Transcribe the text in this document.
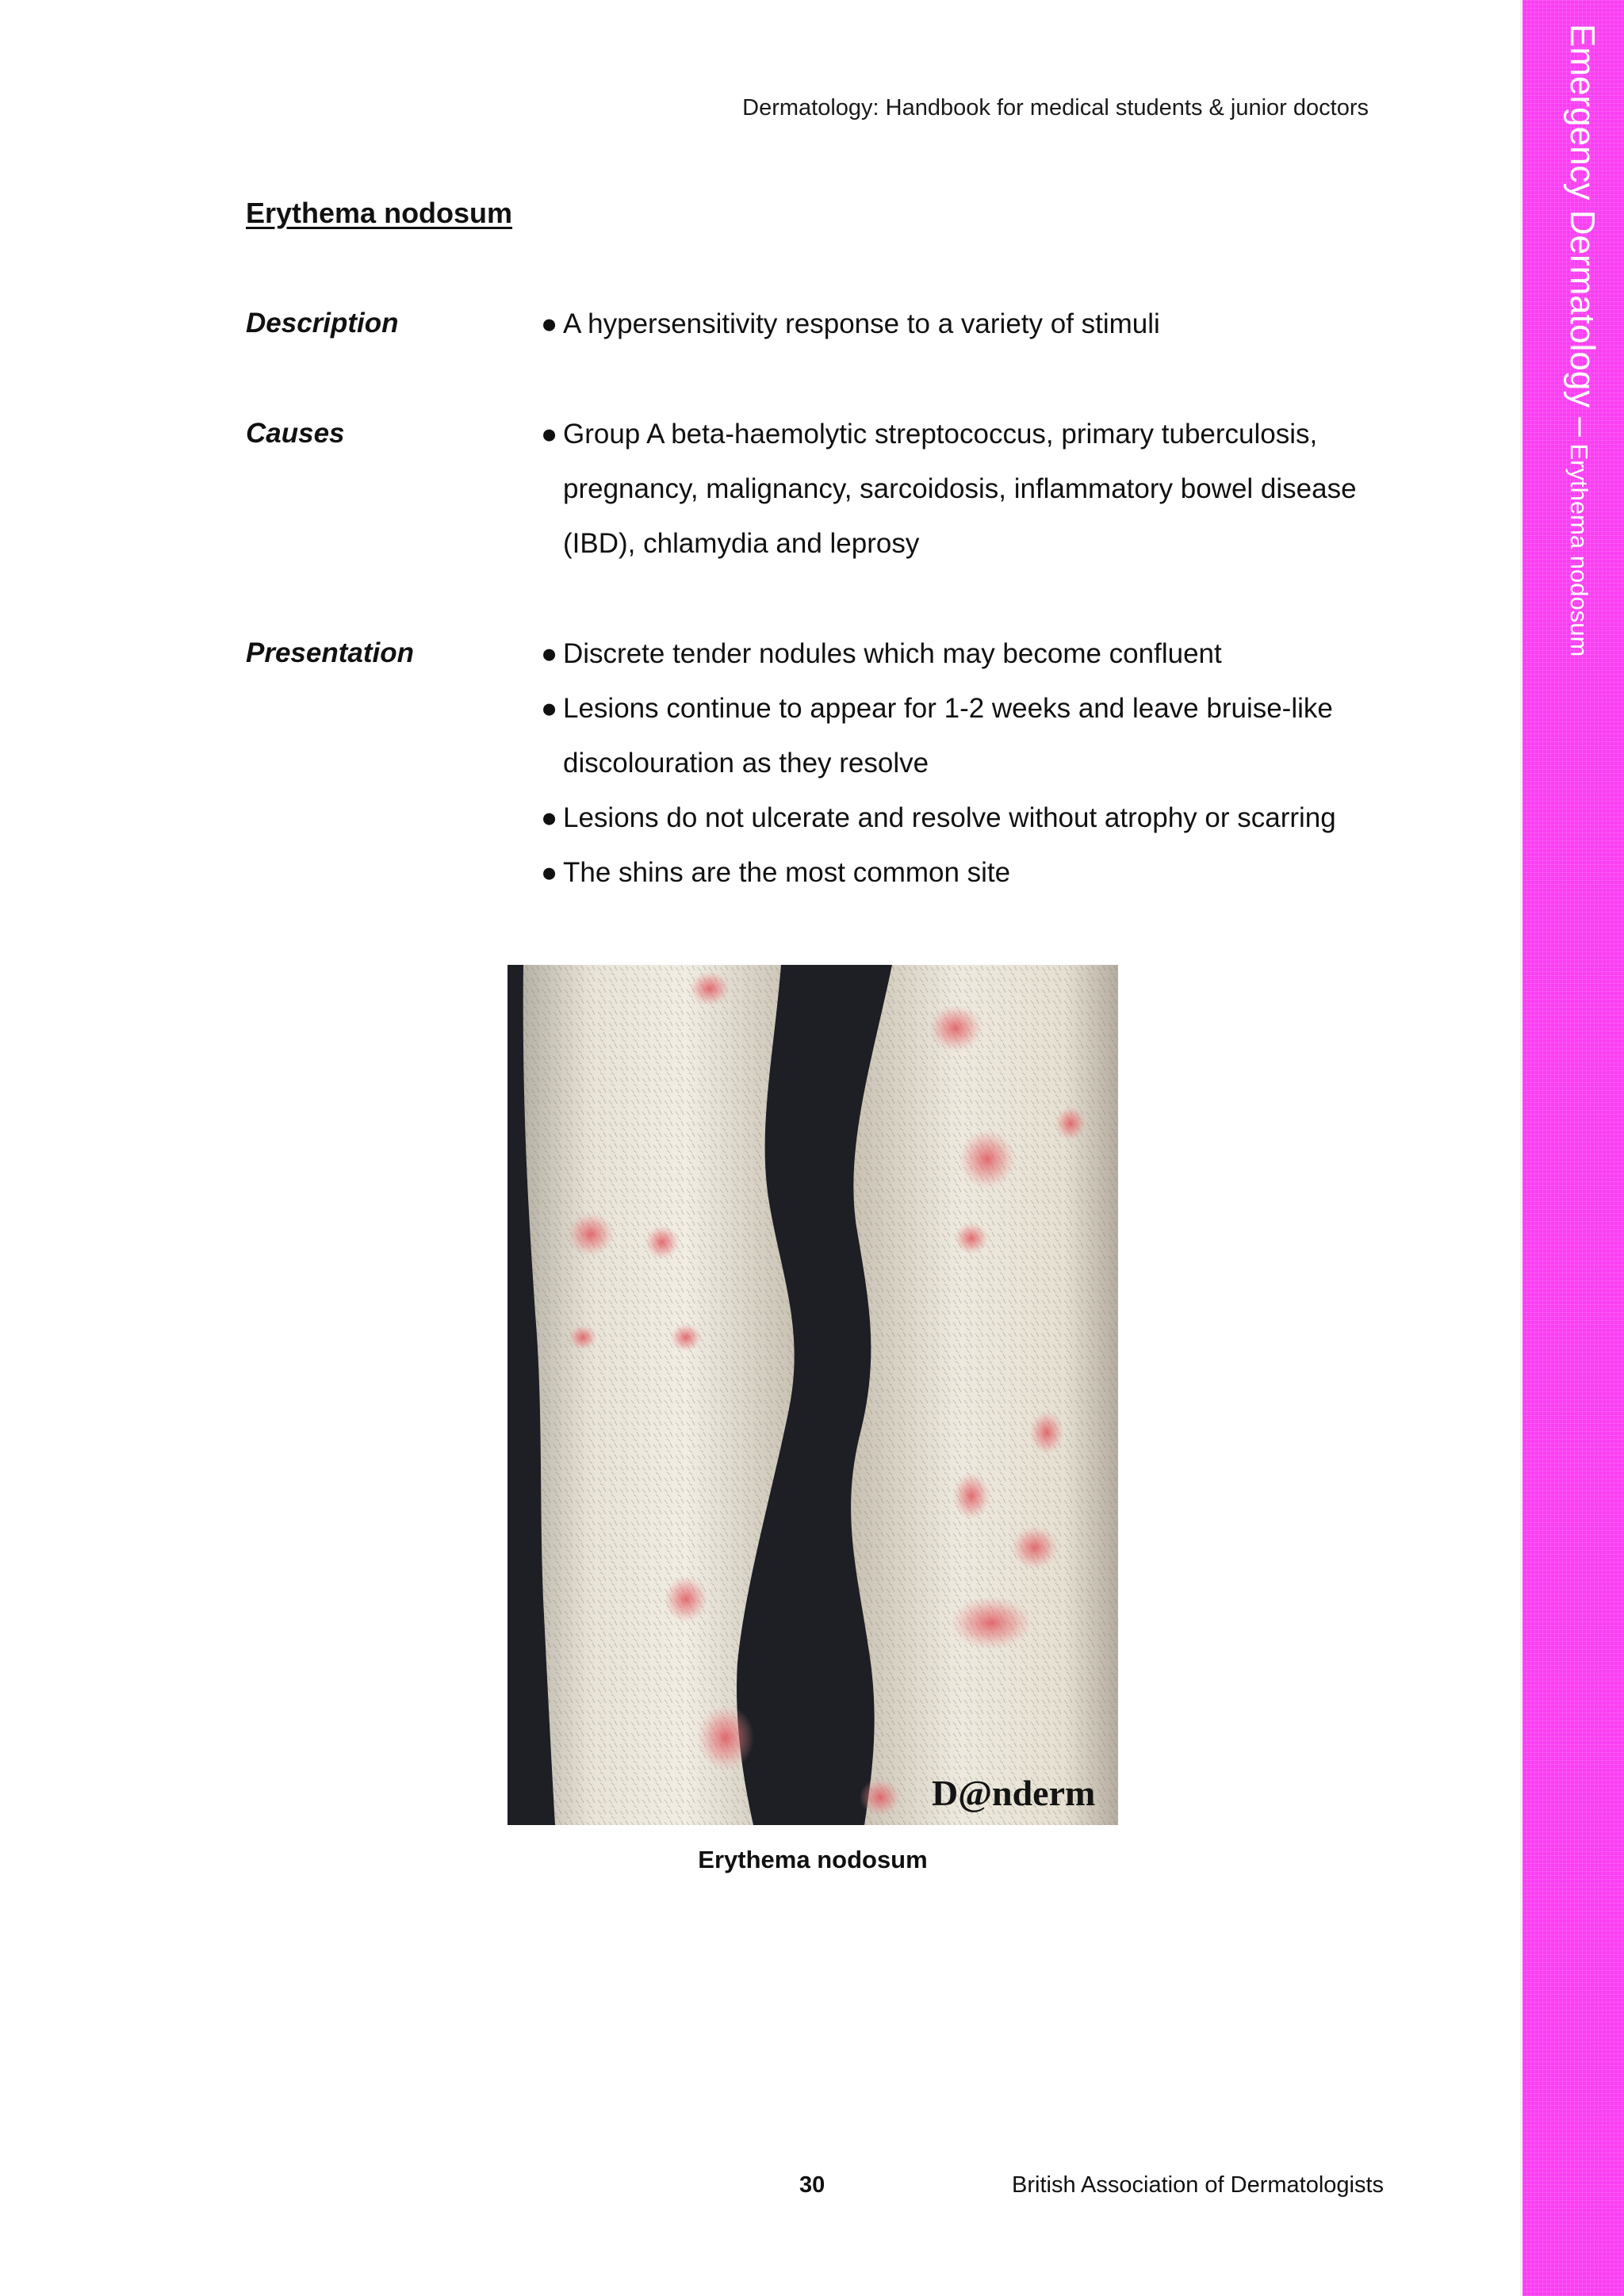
Dermatology: Handbook for medical students & junior doctors
Erythema nodosum
Description	● A hypersensitivity response to a variety of stimuli
Causes	● Group A beta-haemolytic streptococcus, primary tuberculosis, pregnancy, malignancy, sarcoidosis, inflammatory bowel disease (IBD), chlamydia and leprosy
Presentation	● Discrete tender nodules which may become confluent
● Lesions continue to appear for 1-2 weeks and leave bruise-like discolouration as they resolve
● Lesions do not ulcerate and resolve without atrophy or scarring
● The shins are the most common site
D@nderm
Erythema nodosum
30	British Association of Dermatologists
Emergency Dermatology – Erythema nodosum
